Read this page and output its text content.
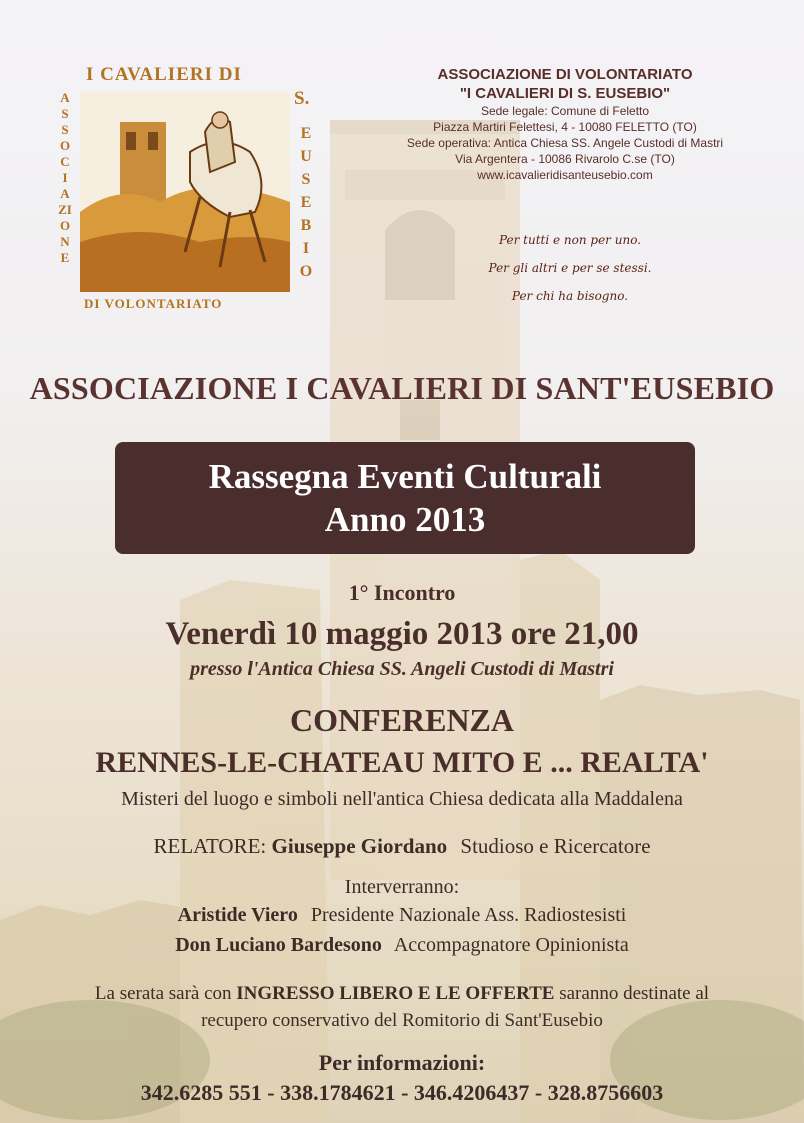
I CAVALIERI DI
S.
ASSOCIAZIONE
EUSEBIO
DI VOLONTARIATO
ASSOCIAZIONE DI VOLONTARIATO
"I CAVALIERI DI S. EUSEBIO"
Sede legale: Comune di Feletto
Piazza Martiri Felettesi, 4 - 10080 FELETTO (TO)
Sede operativa: Antica Chiesa SS. Angele Custodi di Mastri
Via Argentera - 10086 Rivarolo C.se (TO)
www.icavalieridisanteusebio.com
Per tutti e non per uno.
Per gli altri e per se stessi.
Per chi ha bisogno.
ASSOCIAZIONE I CAVALIERI DI SANT'EUSEBIO
Rassegna Eventi Culturali
Anno 2013
1° Incontro
Venerdì 10 maggio 2013 ore 21,00
presso l'Antica Chiesa SS. Angeli Custodi di Mastri
CONFERENZA
RENNES-LE-CHATEAU MITO E ... REALTA'
Misteri del luogo e simboli nell'antica Chiesa dedicata alla Maddalena
RELATORE: Giuseppe Giordano Studioso e Ricercatore
Interverranno:
Aristide Viero Presidente Nazionale Ass. Radiostesisti
Don Luciano Bardesono Accompagnatore Opinionista
La serata sarà con INGRESSO LIBERO E LE OFFERTE saranno destinate al
recupero conservativo del Romitorio di Sant'Eusebio
Per informazioni:
342.6285 551 - 338.1784621 - 346.4206437 - 328.8756603
